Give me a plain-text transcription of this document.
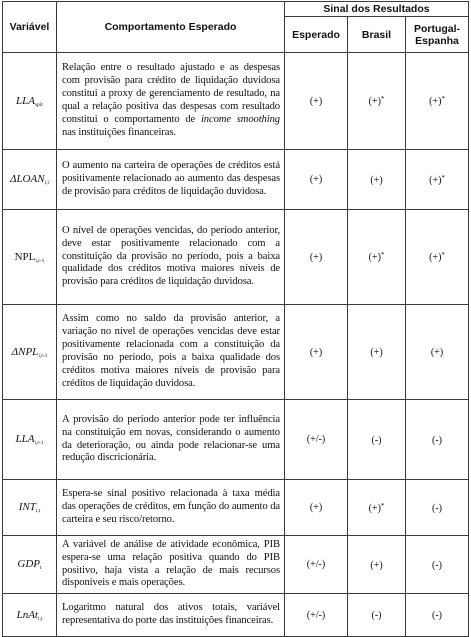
Variável	Comportamento Esperado	Sinal dos Resultados		
		Esperado	Brasil	Portugal-
Espanha
$LLA_{spit}$	Relação entre o resultado ajustado e as despesas com provisão para crédito de liquidação duvidosa constitui a proxy de gerenciamento de resultado, na qual a relação positiva das despesas com resultado constitui o comportamento de income smoothing nas instituições financeiras.	(+)	(+)*	(+)*
$\Delta LOAN_{i,t}$	O aumento na carteira de operações de créditos está positivamente relacionado ao aumento das despesas de provisão para créditos de liquidação duvidosa.	(+)	(+)	(+)*
$NPL_{i,t-1}$	O nível de operações vencidas, do período anterior, deve estar positivamente relacionado com a constituição da provisão no período, pois a baixa qualidade dos créditos motiva maiores níveis de provisão para créditos de liquidação duvidosa.	(+)	(+)*	(+)*
$\Delta NPL_{i,t-1}$	Assim como no saldo da provisão anterior, a variação no nível de operações vencidas deve estar positivamente relacionada com a constituição da provisão no período, pois a baixa qualidade dos créditos motiva maiores níveis de provisão para créditos de liquidação duvidosa.	(+)	(+)	(+)
$LLA_{i,t-1}$	A provisão do período anterior pode ter influência na constituição em novas, considerando o aumento da deterioração, ou ainda pode relacionar-se uma redução discricionária.	(+/-)	(-)	(-)
$INT_{i,t}$	Espera-se sinal positivo relacionada à taxa média das operações de créditos, em função do aumento da carteira e seu risco/retorno.	(+)	(+)*	(-)
$GDP_t$	A variável de análise de atividade econômica, PIB espera-se uma relação positiva quando do PIB positivo, haja vista a relação de mais recursos disponíveis e mais operações.	(+/-)	(+)	(-)
LnAt$_{i,t}$	Logaritmo natural dos ativos totais, variável representativa do porte das instituições financeiras.	(+/-)	(-)	(-)
